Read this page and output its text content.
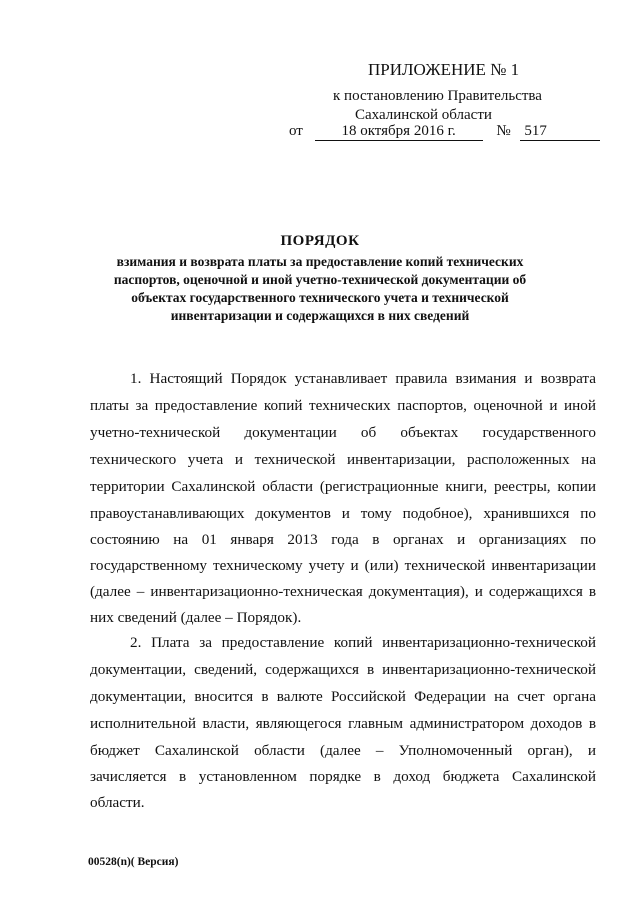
ПРИЛОЖЕНИЕ № 1
к постановлению Правительства
Сахалинской области
от	18 октября 2016 г.	№ 517
ПОРЯДОК
взимания и возврата платы за предоставление копий технических
паспортов, оценочной и иной учетно-технической документации об
объектах государственного технического учета и технической
инвентаризации и содержащихся в них сведений
1. Настоящий Порядок устанавливает правила взимания и возврата
платы за предоставление копий технических паспортов, оценочной и иной
учетно-технической документации об объектах государственного
технического учета и технической инвентаризации, расположенных на
территории Сахалинской области (регистрационные книги, реестры, копии
правоустанавливающих документов и тому подобное), хранившихся по
состоянию на 01 января 2013 года в органах и организациях по
государственному техническому учету и (или) технической инвентаризации
(далее – инвентаризационно-техническая документация), и содержащихся в
них сведений (далее – Порядок).
2. Плата за предоставление копий инвентаризационно-технической
документации, сведений, содержащихся в инвентаризационно-технической
документации, вносится в валюте Российской Федерации на счет органа
исполнительной власти, являющегося главным администратором доходов в
бюджет Сахалинской области (далее – Уполномоченный орган), и
зачисляется в установленном порядке в доход бюджета Сахалинской
области.
00528(n)( Версия)
